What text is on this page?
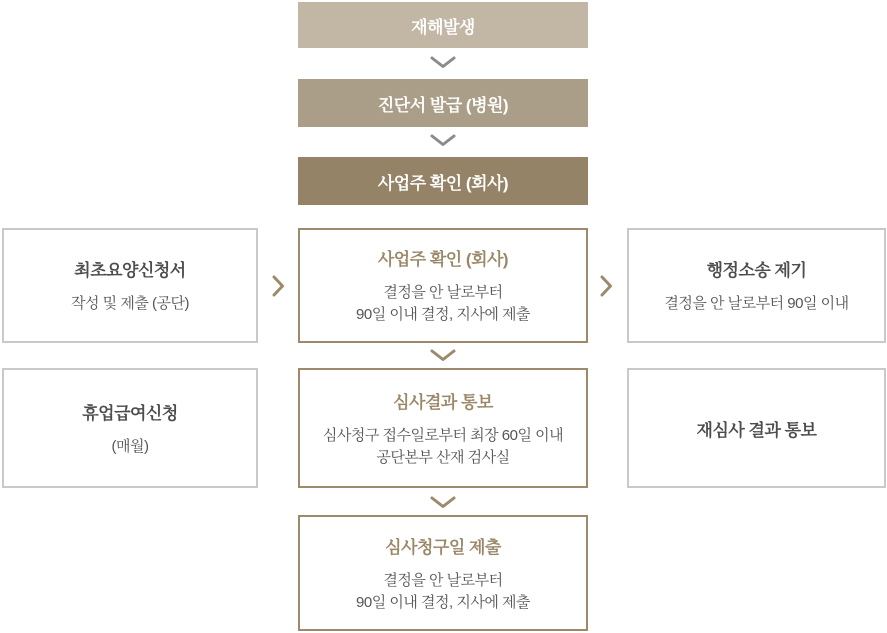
재해발생
진단서 발급 (병원)
사업주 확인 (회사)
최초요양신청서
작성 및 제출 (공단)
사업주 확인 (회사)
결정을 안 날로부터
90일 이내 결정, 지사에 제출
행정소송 제기
결정을 안 날로부터 90일 이내
휴업급여신청
(매월)
심사결과 통보
심사청구 접수일로부터 최장 60일 이내
공단본부 산재 검사실
재심사 결과 통보
심사청구일 제출
결정을 안 날로부터
90일 이내 결정, 지사에 제출
